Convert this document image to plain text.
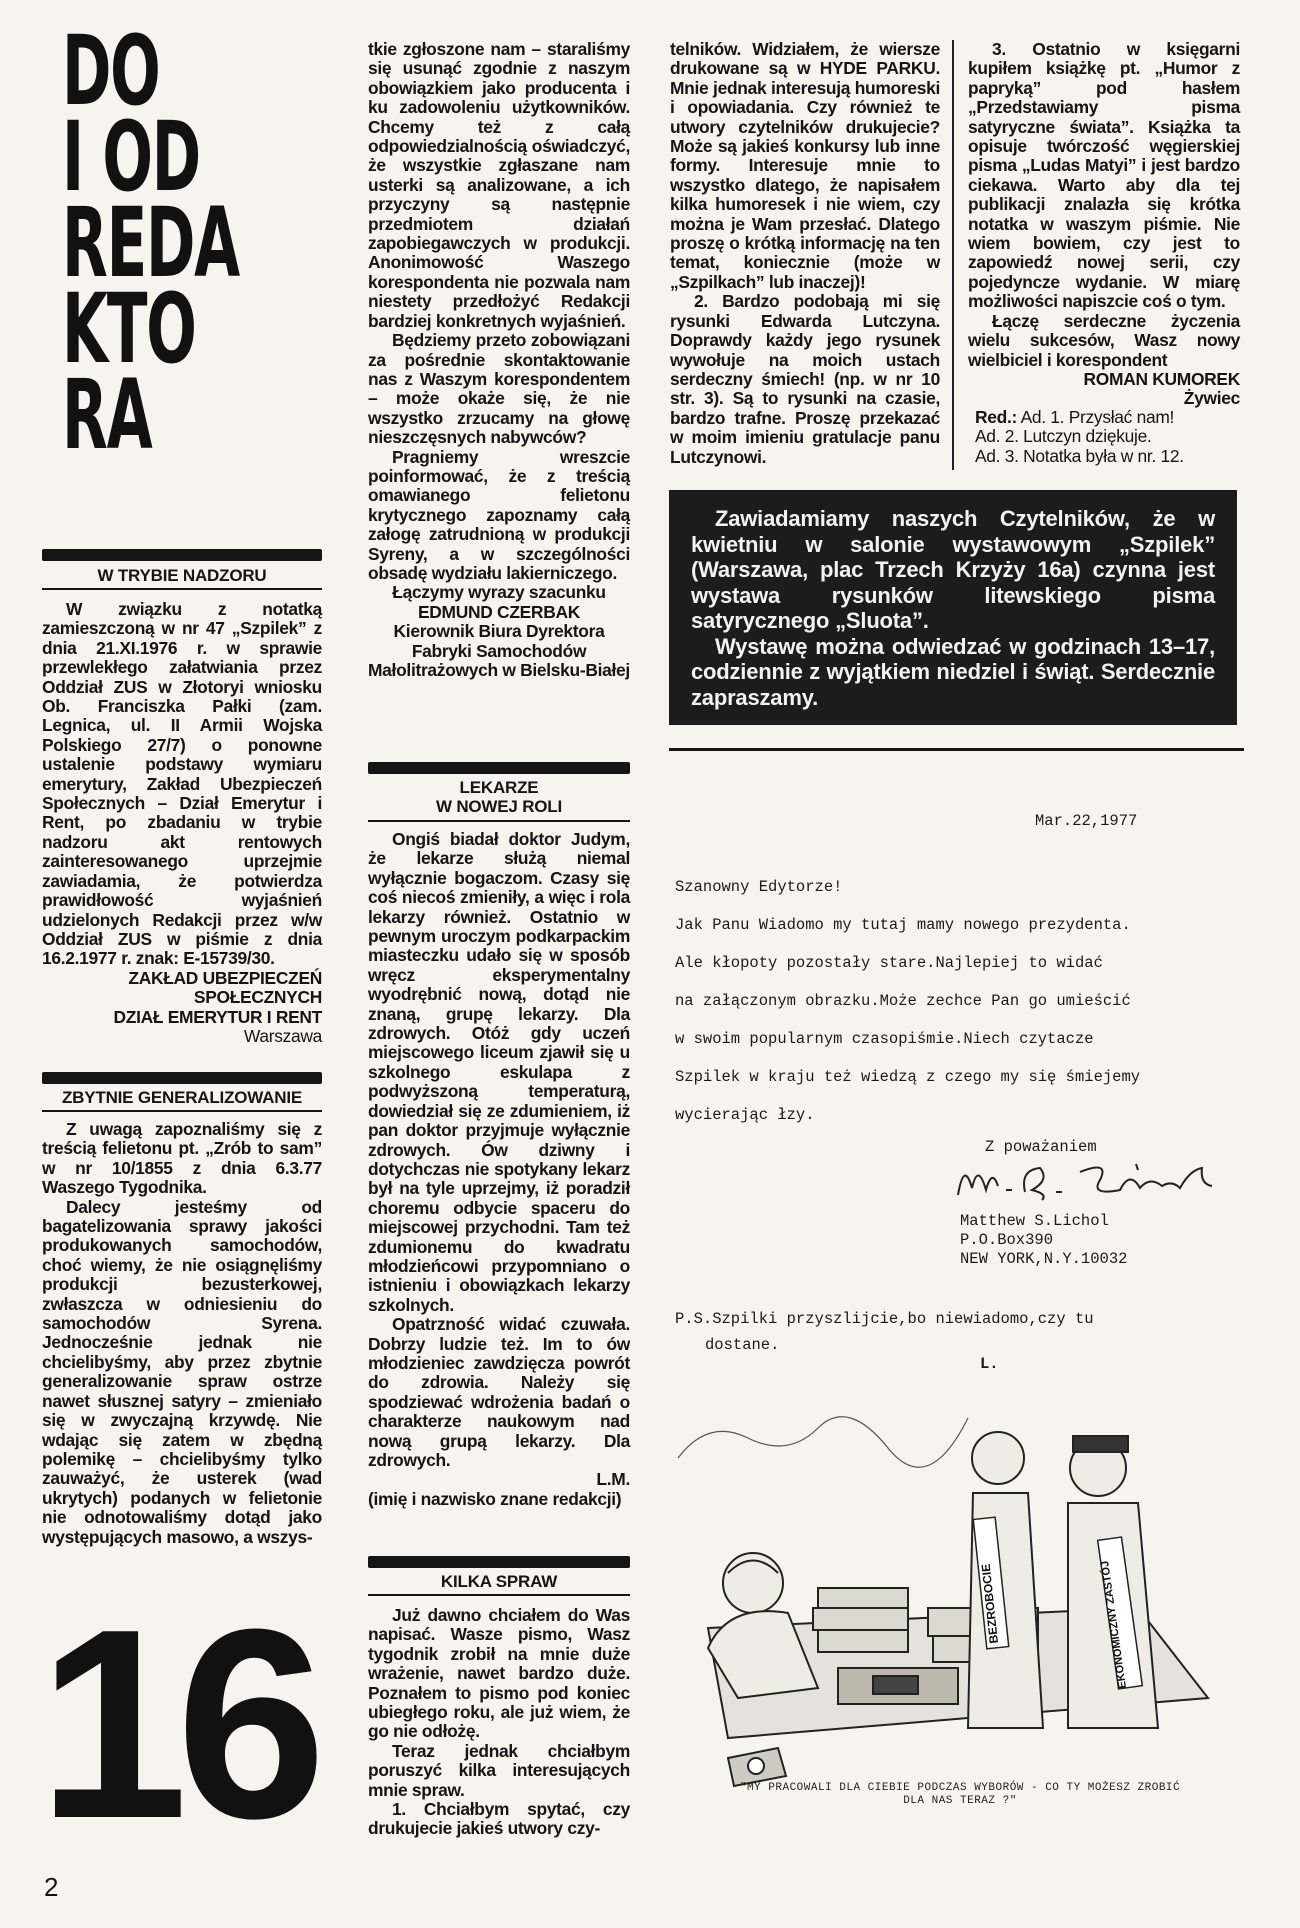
DO
I OD
REDA
KTO
RA
W TRYBIE NADZORU

W związku z notatką zamieszczoną w nr 47 „Szpilek” z dnia 21.XI.1976 r. w sprawie przewlekłego załatwiania przez Oddział ZUS w Złotoryi wniosku Ob. Franciszka Pałki (zam. Legnica, ul. II Armii Wojska Polskiego 27/7) o ponowne ustalenie podstawy wymiaru emerytury, Zakład Ubezpieczeń Społecznych – Dział Emerytur i Rent, po zbadaniu w trybie nadzoru akt rentowych zainteresowanego uprzejmie zawiadamia, że potwierdza prawidłowość wyjaśnień udzielonych Redakcji przez w/w Oddział ZUS w piśmie z dnia 16.2.1977 r. znak: E-15739/30.

ZAKŁAD UBEZPIECZEŃ

SPOŁECZNYCH

DZIAŁ EMERYTUR I RENT

Warszawa

ZBYTNIE GENERALIZOWANIE

Z uwagą zapoznaliśmy się z treścią felietonu pt. „Zrób to sam” w nr 10/1855 z dnia 6.3.77 Waszego Tygodnika.

Dalecy jesteśmy od bagatelizowania sprawy jakości produkowanych samochodów, choć wiemy, że nie osiągnęliśmy produkcji bezusterkowej, zwłaszcza w odniesieniu do samochodów Syrena. Jednocześnie jednak nie chcielibyśmy, aby przez zbytnie generalizowanie spraw ostrze nawet słusznej satyry – zmieniało się w zwyczajną krzywdę. Nie wdając się zatem w zbędną polemikę – chcielibyśmy tylko zauważyć, że usterek (wad ukrytych) podanych w felietonie nie odnotowaliśmy dotąd jako występujących masowo, a wszys-

16
2

tkie zgłoszone nam – staraliśmy się usunąć zgodnie z naszym obowiązkiem jako producenta i ku zadowoleniu użytkowników. Chcemy też z całą odpowiedzialnością oświadczyć, że wszystkie zgłaszane nam usterki są analizowane, a ich przyczyny są następnie przedmiotem działań zapobiegawczych w produkcji. Anonimowość Waszego korespondenta nie pozwala nam niestety przedłożyć Redakcji bardziej konkretnych wyjaśnień.

Będziemy przeto zobowiązani za pośrednie skontaktowanie nas z Waszym korespondentem – może okaże się, że nie wszystko zrzucamy na głowę nieszczęsnych nabywców?

Pragniemy wreszcie poinformować, że z treścią omawianego felietonu krytycznego zapoznamy całą załogę zatrudnioną w produkcji Syreny, a w szczególności obsadę wydziału lakierniczego.

Łączymy wyrazy szacunku

EDMUND CZERBAK

Kierownik Biura Dyrektora

Fabryki Samochodów

Małolitrażowych w Bielsku-Białej

LEKARZE
W NOWEJ ROLI

Ongiś biadał doktor Judym, że lekarze służą niemal wyłącznie bogaczom. Czasy się coś niecoś zmieniły, a więc i rola lekarzy również. Ostatnio w pewnym uroczym podkarpackim miasteczku udało się w sposób wręcz eksperymentalny wyodrębnić nową, dotąd nie znaną, grupę lekarzy. Dla zdrowych. Otóż gdy uczeń miejscowego liceum zjawił się u szkolnego eskulapa z podwyższoną temperaturą, dowiedział się ze zdumieniem, iż pan doktor przyjmuje wyłącznie zdrowych. Ów dziwny i dotychczas nie spotykany lekarz był na tyle uprzejmy, iż poradził choremu odbycie spaceru do miejscowej przychodni. Tam też zdumionemu do kwadratu młodzieńcowi przypomniano o istnieniu i obowiązkach lekarzy szkolnych.

Opatrzność widać czuwała. Dobrzy ludzie też. Im to ów młodzieniec zawdzięcza powrót do zdrowia. Należy się spodziewać wdrożenia badań o charakterze naukowym nad nową grupą lekarzy. Dla zdrowych.

L.M.

(imię i nazwisko znane redakcji)

KILKA SPRAW

Już dawno chciałem do Was napisać. Wasze pismo, Wasz tygodnik zrobił na mnie duże wrażenie, nawet bardzo duże. Poznałem to pismo pod koniec ubiegłego roku, ale już wiem, że go nie odłożę.

Teraz jednak chciałbym poruszyć kilka interesujących mnie spraw.

1. Chciałbym spytać, czy drukujecie jakieś utwory czy-

telników. Widziałem, że wiersze drukowane są w HYDE PARKU. Mnie jednak interesują humoreski i opowiadania. Czy również te utwory czytelników drukujecie? Może są jakieś konkursy lub inne formy. Interesuje mnie to wszystko dlatego, że napisałem kilka humoresek i nie wiem, czy można je Wam przesłać. Dlatego proszę o krótką informację na ten temat, koniecznie (może w „Szpilkach” lub inaczej)!

2. Bardzo podobają mi się rysunki Edwarda Lutczyna. Doprawdy każdy jego rysunek wywołuje na moich ustach serdeczny śmiech! (np. w nr 10 str. 3). Są to rysunki na czasie, bardzo trafne. Proszę przekazać w moim imieniu gratulacje panu Lutczynowi.

3. Ostatnio w księgarni kupiłem książkę pt. „Humor z papryką” pod hasłem „Przedstawiamy pisma satyryczne świata”. Książka ta opisuje twórczość węgierskiej pisma „Ludas Matyi” i jest bardzo ciekawa. Warto aby dla tej publikacji znalazła się krótka notatka w waszym piśmie. Nie wiem bowiem, czy jest to zapowiedź nowej serii, czy pojedyncze wydanie. W miarę możliwości napiszcie coś o tym.

Łączę serdeczne życzenia wielu sukcesów, Wasz nowy wielbiciel i korespondent

ROMAN KUMOREK

Żywiec

Red.: Ad. 1. Przysłać nam!

Ad. 2. Lutczyn dziękuje.

Ad. 3. Notatka była w nr. 12.

Zawiadamiamy naszych Czytelników, że w kwietniu w salonie wystawowym „Szpilek” (Warszawa, plac Trzech Krzyży 16a) czynna jest wystawa rysunków litewskiego pisma satyrycznego „Sluota”.

Wystawę można odwiedzać w godzinach 13–17, codziennie z wyjątkiem niedziel i świąt. Serdecznie zapraszamy.

Mar.22,1977
Szanowny Edytorze!
Jak Panu Wiadomo my tutaj mamy nowego prezydenta.
Ale kłopoty pozostały stare.Najlepiej to widać
na załączonym obrazku.Może zechce Pan go umieścić
w swoim popularnym czasopiśmie.Niech czytacze
Szpilek w kraju też wiedzą z czego my się śmiejemy
wycierając łzy.
Z poważaniem
Matthew S.Lichol
P.O.Box390
NEW YORK,N.Y.10032
P.S.Szpilki przyszlijcie,bo niewiadomo,czy tu
dostane.
L.
BEZROBOCIE	EKONOMICZNY ZASTÓJ
"MY PRACOWALI DLA CIEBIE PODCZAS WYBORÓW - CO TY MOŻESZ ZROBIĆ
DLA NAS TERAZ ?"
